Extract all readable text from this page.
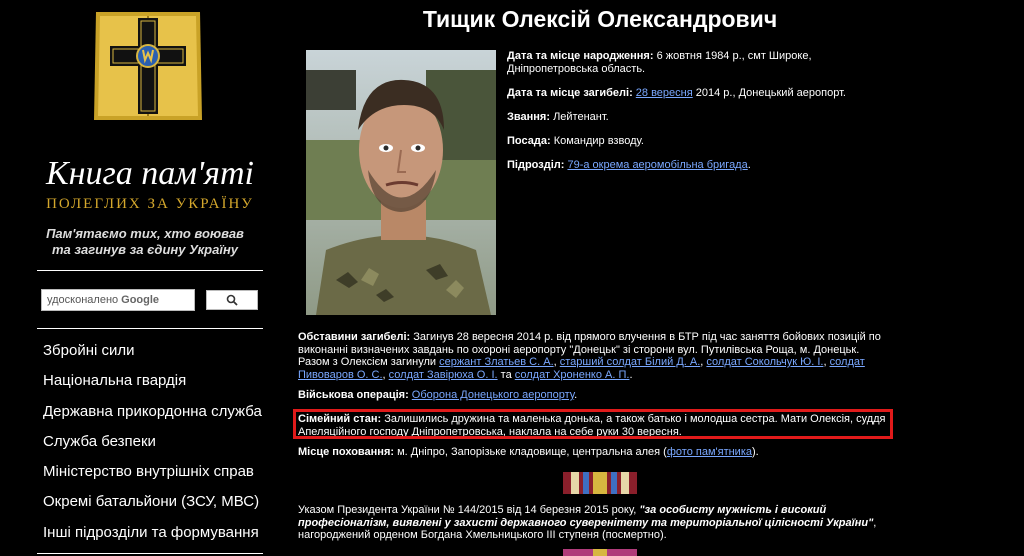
Книга пам'яті
ПОЛЕГЛИХ ЗА УКРАЇНУ
Пам'ятаємо тих, хто воював та загинув за єдину Україну
удосконалено Google
Збройні сили
Національна гвардія
Державна прикордонна служба
Служба безпеки
Міністерство внутрішніх справ
Окремі батальйони (ЗСУ, МВС)
Інші підрозділи та формування
Тищик Олексій Олександрович

Дата та місце народження: 6 жовтня 1984 р., смт Широке, Дніпропетровська область.

Дата та місце загибелі: 28 вересня 2014 р., Донецький аеропорт.

Звання: Лейтенант.

Посада: Командир взводу.

Підрозділ: 79-а окрема аеромобільна бригада.

Обставини загибелі: Загинув 28 вересня 2014 р. від прямого влучення в БТР під час заняття бойових позицій по виконанні визначених завдань по охороні аеропорту "Донецьк" зі сторони вул. Путилівська Роща, м. Донецьк. Разом з Олексієм загинули сержант Златьев С. А., старший солдат Білий Д. А., солдат Сокольчук Ю. І., солдат Пивоваров О. С., солдат Завірюха О. І. та солдат Хроненко А. П..
Військова операція: Оборона Донецького аеропорту.
Сімейний стан: Залишились дружина та маленька донька, а також батько і молодша сестра. Мати Олексія, суддя Апеляційного господу Дніпропетровська, наклала на себе руки 30 вересня.
Місце поховання: м. Дніпро, Запорізьке кладовище, центральна алея (фото пам'ятника).
Указом Президента України № 144/2015 від 14 березня 2015 року, "за особисту мужність і високий професіоналізм, виявлені у захисті державного суверенітету та територіальної цілісності України", нагороджений орденом Богдана Хмельницького III ступеня (посмертно).
